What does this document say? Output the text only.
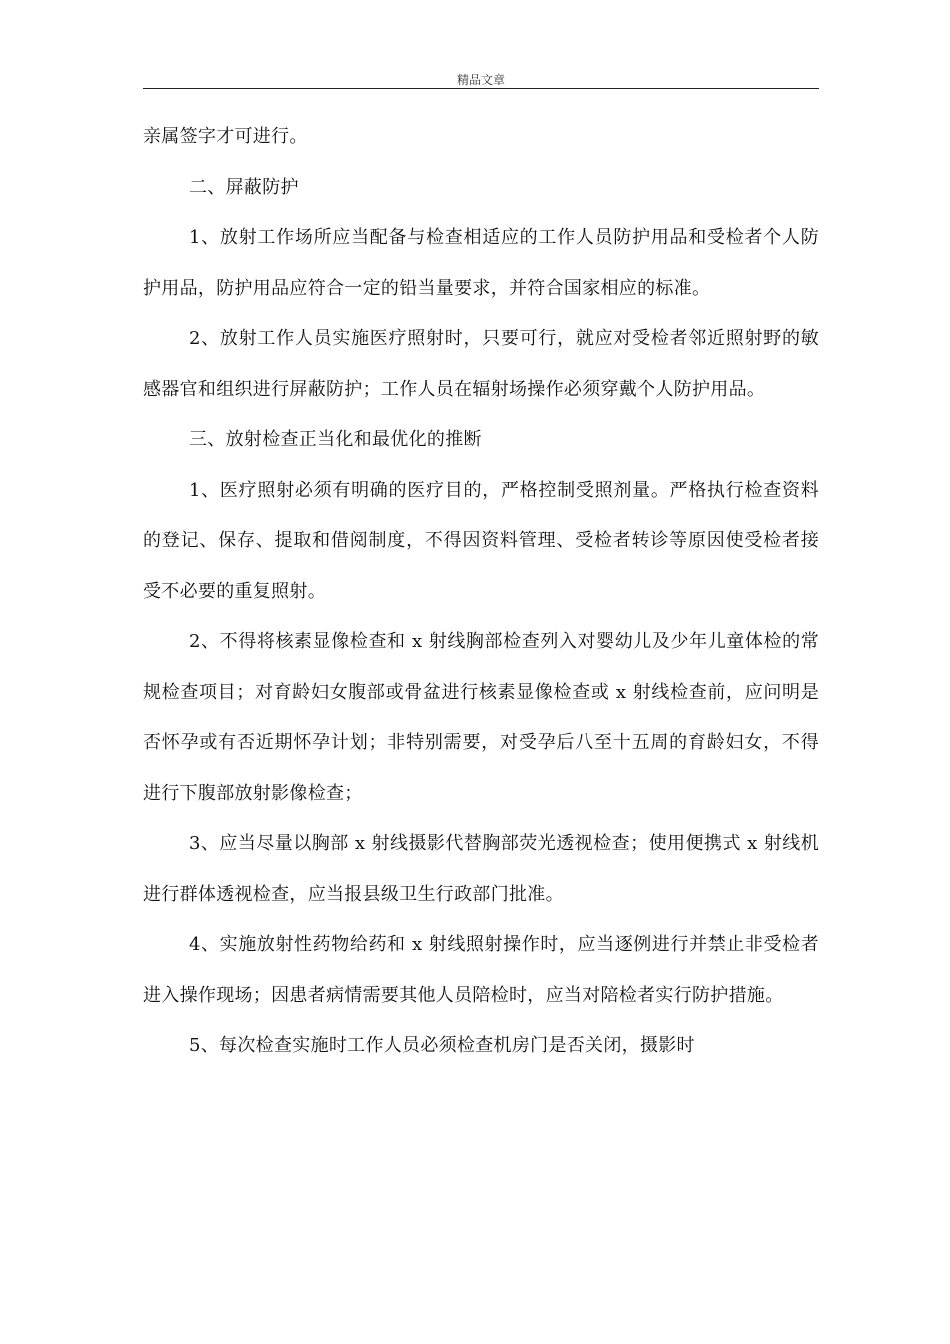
精品文章

亲属签字才可进行。

二、屏蔽防护

1、放射工作场所应当配备与检查相适应的工作人员防护用品和受检者个人防护用品，防护用品应符合一定的铅当量要求，并符合国家相应的标准。

2、放射工作人员实施医疗照射时，只要可行，就应对受检者邻近照射野的敏感器官和组织进行屏蔽防护；工作人员在辐射场操作必须穿戴个人防护用品。

三、放射检查正当化和最优化的推断

1、医疗照射必须有明确的医疗目的，严格控制受照剂量。严格执行检查资料的登记、保存、提取和借阅制度，不得因资料管理、受检者转诊等原因使受检者接受不必要的重复照射。

2、不得将核素显像检查和 x 射线胸部检查列入对婴幼儿及少年儿童体检的常规检查项目；对育龄妇女腹部或骨盆进行核素显像检查或 x 射线检查前，应问明是否怀孕或有否近期怀孕计划；非特别需要，对受孕后八至十五周的育龄妇女，不得进行下腹部放射影像检查；

3、应当尽量以胸部 x 射线摄影代替胸部荧光透视检查；使用便携式 x 射线机进行群体透视检查，应当报县级卫生行政部门批准。

4、实施放射性药物给药和 x 射线照射操作时，应当逐例进行并禁止非受检者进入操作现场；因患者病情需要其他人员陪检时，应当对陪检者实行防护措施。

5、每次检查实施时工作人员必须检查机房门是否关闭，摄影时
